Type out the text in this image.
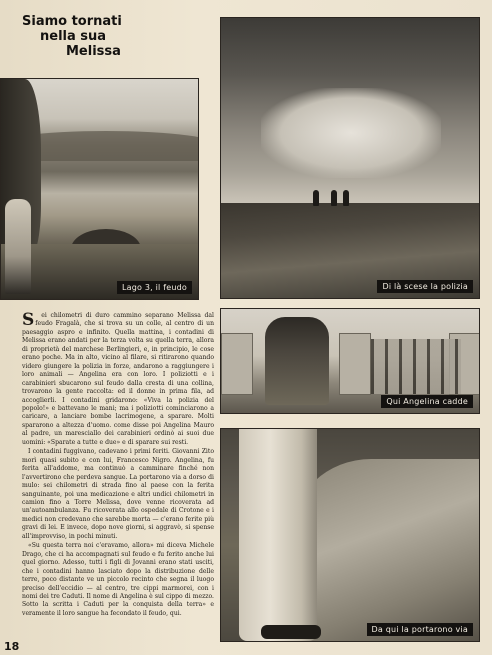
Siamo tornati
nella sua
Melissa
Lago 3, il feudo	Di là scese la polizia
Qui Angelina cadde
Da qui la portarono via

Sei chilometri di duro cammino separano Melissa dal feudo Fragalà, che si trova su un colle, al centro di un paesaggio aspro e infinito. Quella mattina, i contadini di Melissa erano andati per la terza volta su quella terra, allora di proprietà del marchese Berlingieri, e, in principio, le cose erano poche. Ma in alto, vicino al filare, si ritirarono quando videro giungere la polizia in forze, andarono a raggiungere i loro animali — Angelina era con loro. I poliziotti e i carabinieri sbucarono sul feudo dalla cresta di una collina, trovarono la gente raccolta: ed il donne in prima fila, ad accoglierli. I contadini gridarono: «Viva la polizia del popolo!» e battevano le mani; ma i poliziotti cominciarono a caricare, a lanciare bombe lacrimogene, a sparare. Molti spararono a altezza d'uomo. come disse poi Angelina Mauro al padre, un maresciallo dei carabinieri ordinò ai suoi due uomini: «Sparate a tutte e due» e di sparare sui resti.

I contadini fuggivano, cadevano i primi feriti. Giovanni Zito morì quasi subito e con lui, Francesco Nigro. Angelina, fu ferita all'addome, ma continuò a camminare finché non l'avvertirono che perdeva sangue. La portarono via a dorso di mulo: sei chilometri di strada fino al paese con la ferita sanguinante, poi una medicazione e altri undici chilometri in camion fino a Torre Melissa, dove venne ricoverata ad un'autoambulanza. Fu ricoverata allo ospedale di Crotone e i medici non credevano che sarebbe morta — c'erano ferite più gravi di lei. E invece, dopo nove giorni, si aggravò, si spense all'improvviso, in pochi minuti.

«Su questa terra noi c'eravamo, allora» mi diceva Michele Drago, che ci ha accompagnati sul feudo e fu ferito anche lui quel giorno. Adesso, tutti i figli di Jovanni erano stati usciti, che i contadini hanno lasciato dopo la distribuzione delle terre, poco distante ve un piccolo recinto che segna il luogo preciso dell'eccidio — al centro, tre cippi marmorei, con i nomi dei tre Caduti. Il nome di Angelina è sul cippo di mezzo. Sotto la scritta i Caduti per la conquista della terra» e veramente il loro sangue ha fecondato il feudo, qui.

18
